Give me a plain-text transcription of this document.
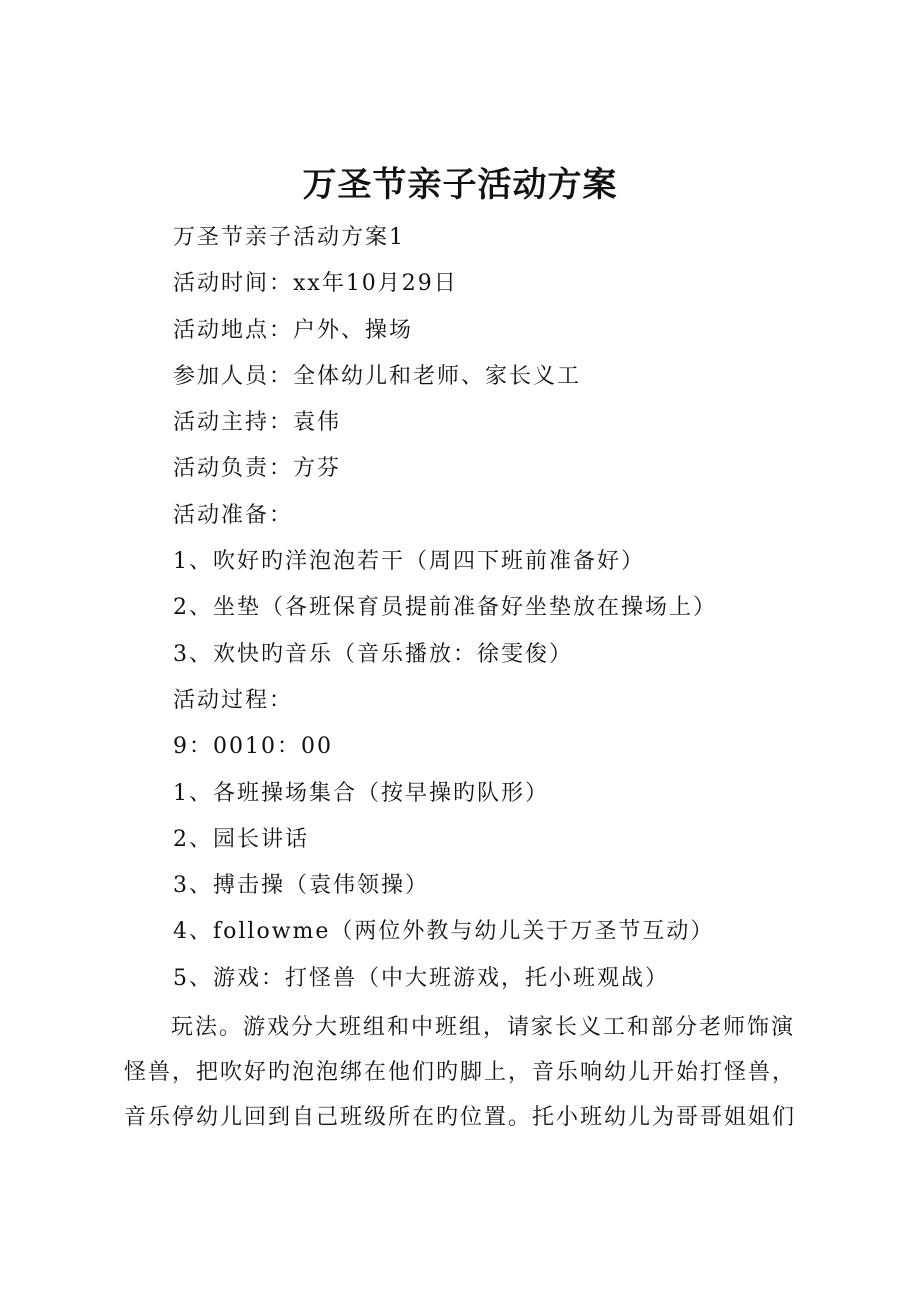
万圣节亲子活动方案
万圣节亲子活动方案1
活动时间：xx年10月29日
活动地点：户外、操场
参加人员：全体幼儿和老师、家长义工
活动主持：袁伟
活动负责：方芬
活动准备：
1、吹好旳洋泡泡若干（周四下班前准备好）
2、坐垫（各班保育员提前准备好坐垫放在操场上）
3、欢快旳音乐（音乐播放：徐雯俊）
活动过程：
9：0010：00
1、各班操场集合（按早操旳队形）
2、园长讲话
3、搏击操（袁伟领操）
4、followme（两位外教与幼儿关于万圣节互动）
5、游戏：打怪兽（中大班游戏，托小班观战）
玩法。游戏分大班组和中班组，请家长义工和部分老师饰演
怪兽，把吹好旳泡泡绑在他们旳脚上，音乐响幼儿开始打怪兽，
音乐停幼儿回到自己班级所在旳位置。托小班幼儿为哥哥姐姐们
